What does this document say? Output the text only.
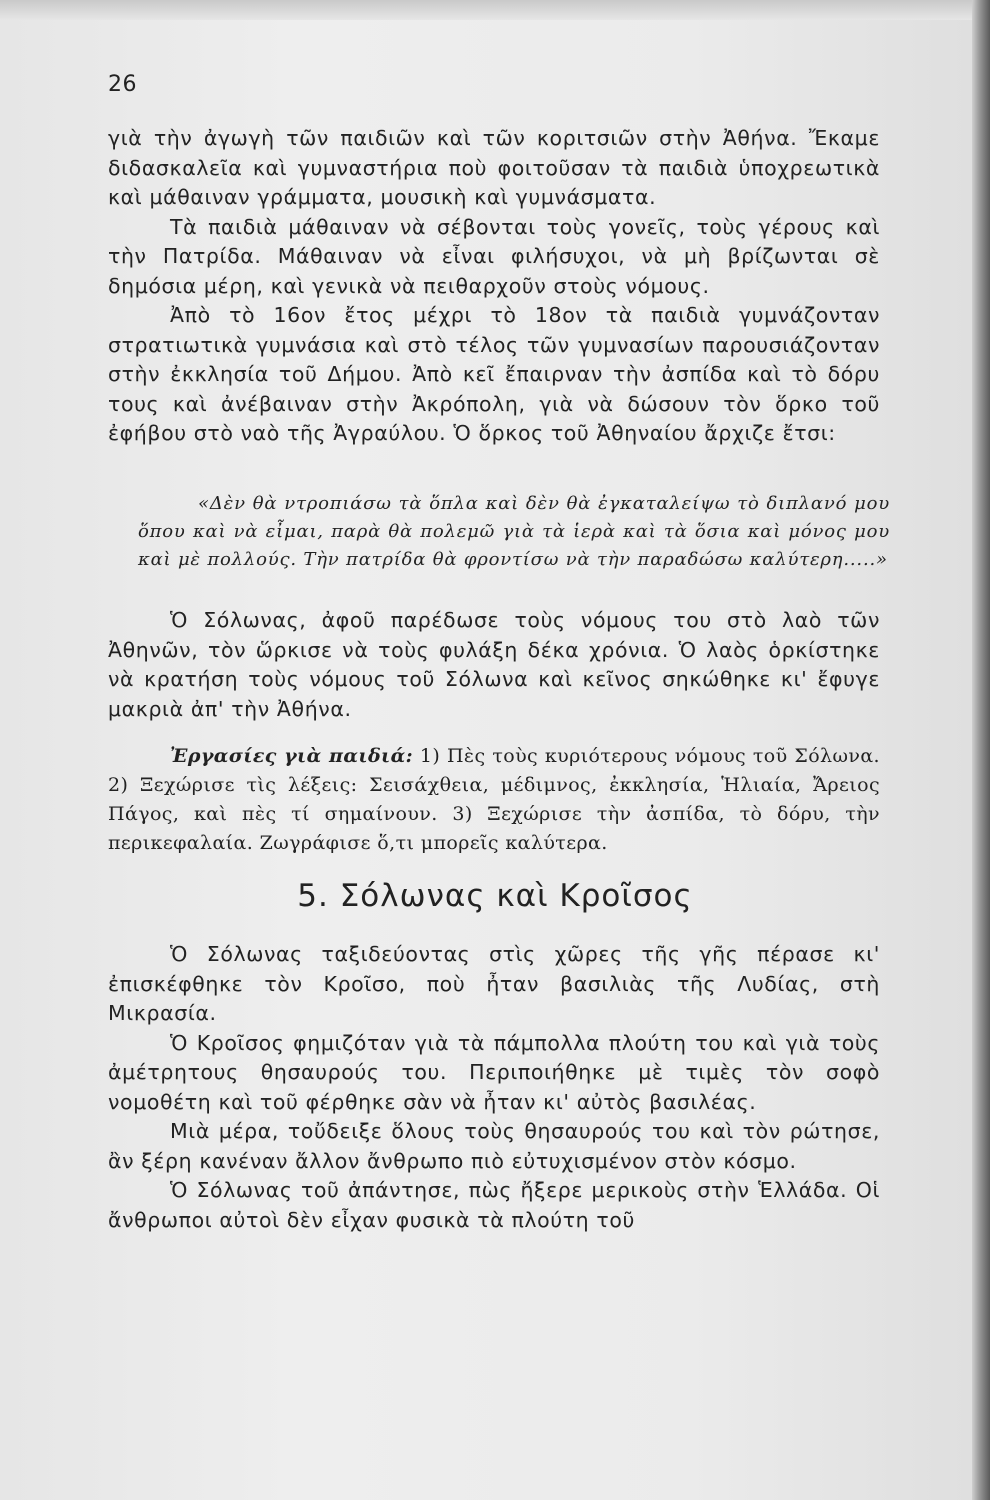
26

γιὰ τὴν ἀγωγὴ τῶν παιδιῶν καὶ τῶν κοριτσιῶν στὴν Ἀθήνα. Ἔκαμε διδασκαλεῖα καὶ γυμναστήρια ποὺ φοιτοῦσαν τὰ παιδιὰ ὑποχρεωτικὰ καὶ μάθαιναν γράμματα, μουσικὴ καὶ γυμνάσματα.

Τὰ παιδιὰ μάθαιναν νὰ σέβονται τοὺς γονεῖς, τοὺς γέρους καὶ τὴν Πατρίδα. Μάθαιναν νὰ εἶναι φιλήσυχοι, νὰ μὴ βρίζωνται σὲ δημόσια μέρη, καὶ γενικὰ νὰ πειθαρχοῦν στοὺς νόμους.

Ἀπὸ τὸ 16ον ἔτος μέχρι τὸ 18ον τὰ παιδιὰ γυμνάζονταν στρατιωτικὰ γυμνάσια καὶ στὸ τέλος τῶν γυμνασίων παρουσιάζονταν στὴν ἐκκλησία τοῦ Δήμου. Ἀπὸ κεῖ ἔπαιρναν τὴν ἀσπίδα καὶ τὸ δόρυ τους καὶ ἀνέβαιναν στὴν Ἀκρόπολη, γιὰ νὰ δώσουν τὸν ὅρκο τοῦ ἐφήβου στὸ ναὸ τῆς Ἀγραύλου. Ὁ ὅρκος τοῦ Ἀθηναίου ἄρχιζε ἔτσι:

«Δὲν θὰ ντροπιάσω τὰ ὅπλα καὶ δὲν θὰ ἐγκαταλείψω τὸ διπλανό μου ὅπου καὶ νὰ εἶμαι, παρὰ θὰ πολεμῶ γιὰ τὰ ἱερὰ καὶ τὰ ὅσια καὶ μόνος μου καὶ μὲ πολλούς. Τὴν πατρίδα θὰ φροντίσω νὰ τὴν παραδώσω καλύτερη.....»

Ὁ Σόλωνας, ἀφοῦ παρέδωσε τοὺς νόμους του στὸ λαὸ τῶν Ἀθηνῶν, τὸν ὥρκισε νὰ τοὺς φυλάξη δέκα χρόνια. Ὁ λαὸς ὁρκίστηκε νὰ κρατήση τοὺς νόμους τοῦ Σόλωνα καὶ κεῖνος σηκώθηκε κι' ἔφυγε μακριὰ ἀπ' τὴν Ἀθήνα.

Ἐργασίες γιὰ παιδιά: 1) Πὲς τοὺς κυριότερους νόμους τοῦ Σόλωνα. 2) Ξεχώρισε τὶς λέξεις: Σεισάχθεια, μέδιμνος, ἐκκλησία, Ἡλιαία, Ἄρειος Πάγος, καὶ πὲς τί σημαίνουν. 3) Ξεχώρισε τὴν ἀσπίδα, τὸ δόρυ, τὴν περικεφαλαία. Ζωγράφισε ὅ,τι μπορεῖς καλύτερα.

5. Σόλωνας καὶ Κροῖσος

Ὁ Σόλωνας ταξιδεύοντας στὶς χῶρες τῆς γῆς πέρασε κι' ἐπισκέφθηκε τὸν Κροῖσο, ποὺ ἦταν βασιλιὰς τῆς Λυδίας, στὴ Μικρασία.

Ὁ Κροῖσος φημιζόταν γιὰ τὰ πάμπολλα πλούτη του καὶ γιὰ τοὺς ἀμέτρητους θησαυρούς του. Περιποιήθηκε μὲ τιμὲς τὸν σοφὸ νομοθέτη καὶ τοῦ φέρθηκε σὰν νὰ ἦταν κι' αὐτὸς βασιλέας.

Μιὰ μέρα, τοὔδειξε ὅλους τοὺς θησαυρούς του καὶ τὸν ρώτησε, ἂν ξέρη κανέναν ἄλλον ἄνθρωπο πιὸ εὐτυχισμένον στὸν κόσμο.

Ὁ Σόλωνας τοῦ ἀπάντησε, πὼς ἤξερε μερικοὺς στὴν Ἑλλάδα. Οἱ ἄνθρωποι αὐτοὶ δὲν εἶχαν φυσικὰ τὰ πλούτη τοῦ
